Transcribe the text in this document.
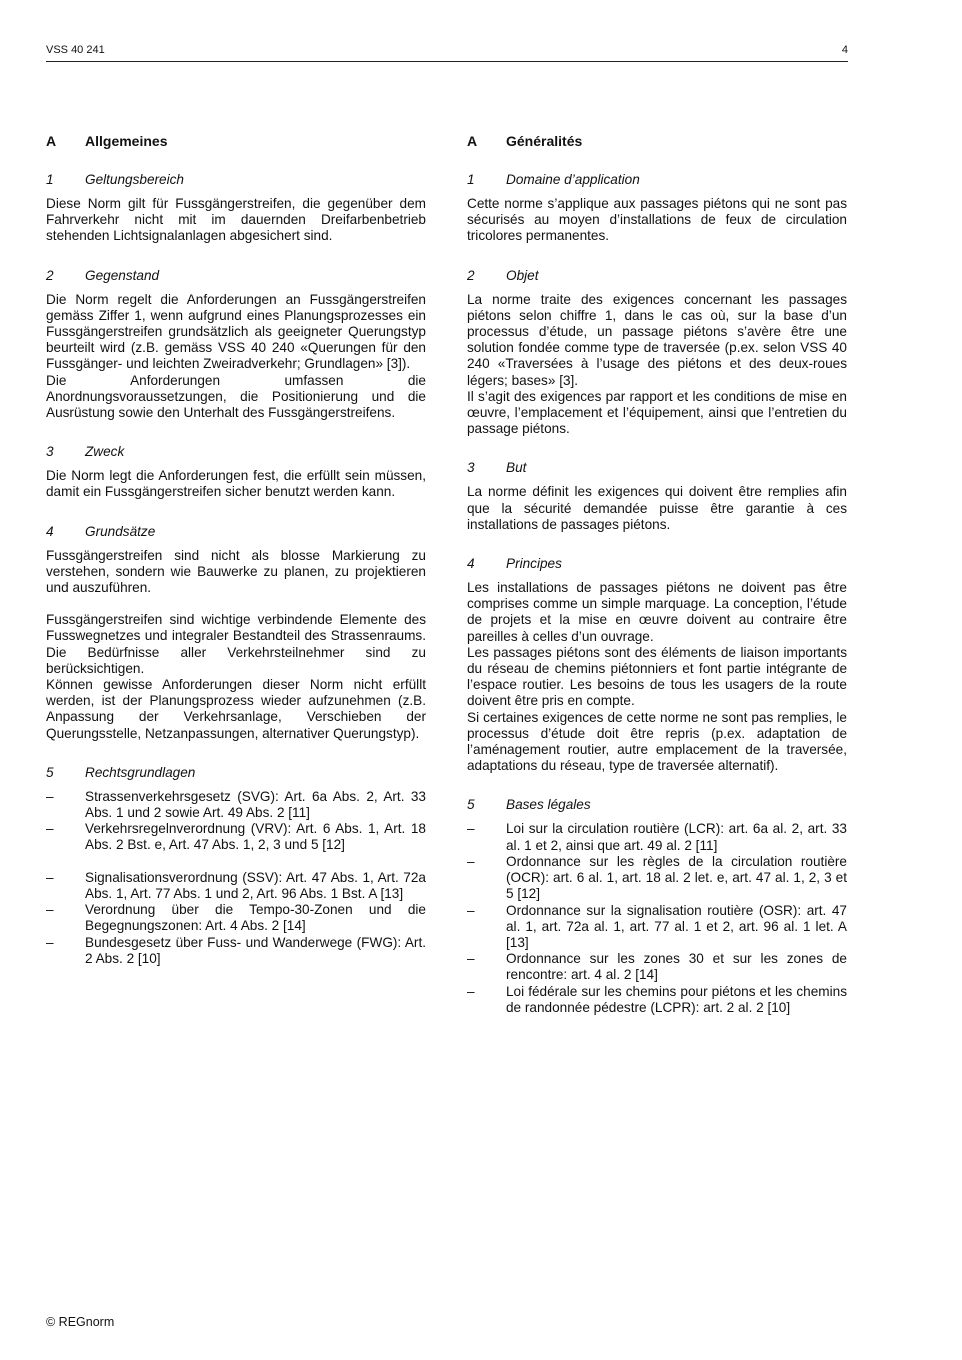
VSS 40 241	4
A	Allgemeines
1	Geltungsbereich

Diese Norm gilt für Fussgängerstreifen, die gegenüber dem Fahrverkehr nicht mit im dauernden Dreifarbenbetrieb stehenden Lichtsignalanlagen abgesichert sind.

2	Gegenstand

Die Norm regelt die Anforderungen an Fussgängerstreifen gemäss Ziffer 1, wenn aufgrund eines Planungsprozesses ein Fussgängerstreifen grundsätzlich als geeigneter Querungstyp beurteilt wird (z.B. gemäss VSS 40 240 «Querungen für den Fussgänger- und leichten Zweiradverkehr; Grundlagen» [3]).

Die Anforderungen umfassen die Anordnungsvoraussetzungen, die Positionierung und die Ausrüstung sowie den Unterhalt des Fussgängerstreifens.

3	Zweck

Die Norm legt die Anforderungen fest, die erfüllt sein müssen, damit ein Fussgängerstreifen sicher benutzt werden kann.

4	Grundsätze

Fussgängerstreifen sind nicht als blosse Markierung zu verstehen, sondern wie Bauwerke zu planen, zu projektieren und auszuführen.

Fussgängerstreifen sind wichtige verbindende Elemente des Fusswegnetzes und integraler Bestandteil des Strassenraums. Die Bedürfnisse aller Verkehrsteilnehmer sind zu berücksichtigen.

Können gewisse Anforderungen dieser Norm nicht erfüllt werden, ist der Planungsprozess wieder aufzunehmen (z.B. Anpassung der Verkehrsanlage, Verschieben der Querungsstelle, Netzanpassungen, alternativer Querungstyp).

5	Rechtsgrundlagen
–	Strassenverkehrsgesetz (SVG): Art. 6a Abs. 2, Art. 33 Abs. 1 und 2 sowie Art. 49 Abs. 2 [11]
–	Verkehrsregelnverordnung (VRV): Art. 6 Abs. 1, Art. 18 Abs. 2 Bst. e, Art. 47 Abs. 1, 2, 3 und 5 [12]
–	Signalisationsverordnung (SSV): Art. 47 Abs. 1, Art. 72a Abs. 1, Art. 77 Abs. 1 und 2, Art. 96 Abs. 1 Bst. A [13]
–	Verordnung über die Tempo-30-Zonen und die Begegnungszonen: Art. 4 Abs. 2 [14]
–	Bundesgesetz über Fuss- und Wanderwege (FWG): Art. 2 Abs. 2 [10]
A	Généralités
1	Domaine d’application

Cette norme s’applique aux passages piétons qui ne sont pas sécurisés au moyen d’installations de feux de circulation tricolores permanentes.

2	Objet

La norme traite des exigences concernant les passages piétons selon chiffre 1, dans le cas où, sur la base d’un processus d’étude, un passage piétons s’avère être une solution fondée comme type de traversée (p.ex. selon VSS 40 240 «Traversées à l’usage des piétons et des deux-roues légers; bases» [3].

Il s’agit des exigences par rapport et les conditions de mise en œuvre, l’emplacement et l’équipement, ainsi que l’entretien du passage piétons.

3	But

La norme définit les exigences qui doivent être remplies afin que la sécurité demandée puisse être garantie à ces installations de passages piétons.

4	Principes

Les installations de passages piétons ne doivent pas être comprises comme un simple marquage. La conception, l’étude de projets et la mise en œuvre doivent au contraire être pareilles à celles d’un ouvrage.

Les passages piétons sont des éléments de liaison importants du réseau de chemins piétonniers et font partie intégrante de l’espace routier. Les besoins de tous les usagers de la route doivent être pris en compte.

Si certaines exigences de cette norme ne sont pas remplies, le processus d’étude doit être repris (p.ex. adaptation de l’aménagement routier, autre emplacement de la traversée, adaptations du réseau, type de traversée alternatif).

5	Bases légales
–	Loi sur la circulation routière (LCR): art. 6a al. 2, art. 33 al. 1 et 2, ainsi que art. 49 al. 2 [11]
–	Ordonnance sur les règles de la circulation routière (OCR): art. 6 al. 1, art. 18 al. 2 let. e, art. 47 al. 1, 2, 3 et 5 [12]
–	Ordonnance sur la signalisation routière (OSR): art. 47 al. 1, art. 72a al. 1, art. 77 al. 1 et 2, art. 96 al. 1 let. A [13]
–	Ordonnance sur les zones 30 et sur les zones de rencontre: art. 4 al. 2 [14]
–	Loi fédérale sur les chemins pour piétons et les chemins de randonnée pédestre (LCPR): art. 2 al. 2 [10]
© REGnorm
